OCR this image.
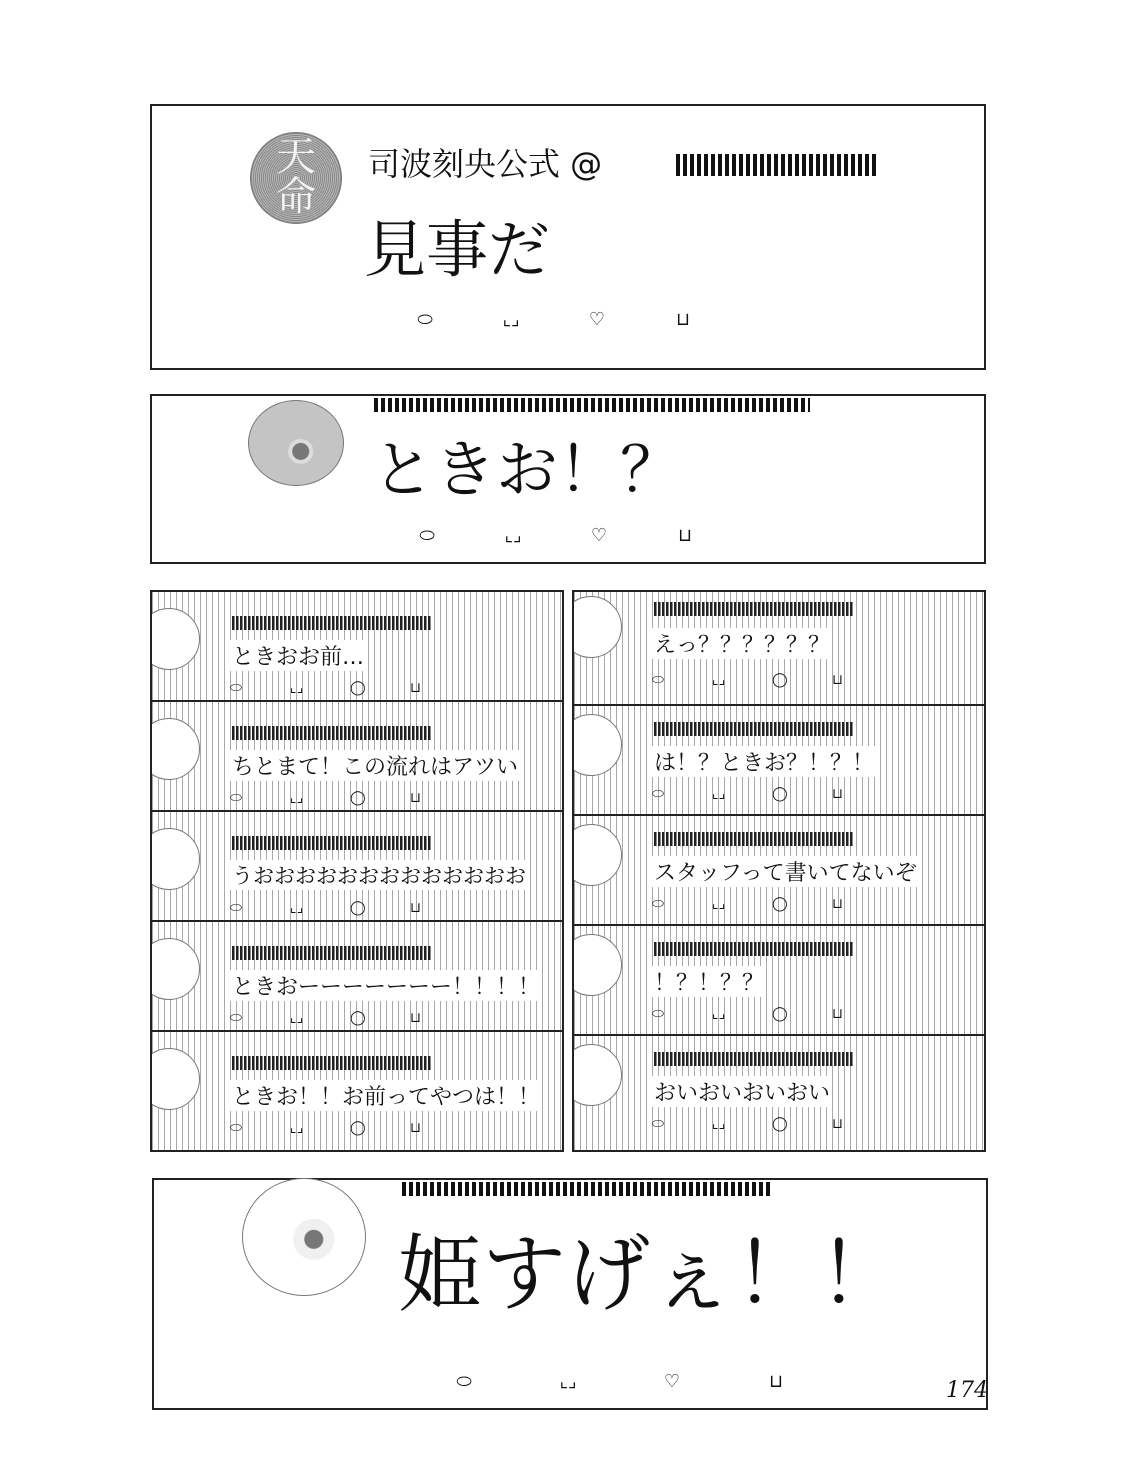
天
命
司波刻央公式 @
見事だ
⬭	⌞⌟	♡	⊔
ときお！？
⬭	⌞⌟	♡	⊔
ときおお前…
⬭	⌞⌟	◯	⊔
ちとまて！この流れはアツい
⬭	⌞⌟	◯	⊔
うおおおおおおおおおおおおお
⬭	⌞⌟	◯	⊔
ときおーーーーーーー！！！！
⬭	⌞⌟	◯	⊔
ときお！！お前ってやつは！！
⬭	⌞⌟	◯	⊔
えっ？？？？？？
⬭	⌞⌟	◯	⊔
は！？ときお？！？！
⬭	⌞⌟	◯	⊔
スタッフって書いてないぞ
⬭	⌞⌟	◯	⊔
！？！？？
⬭	⌞⌟	◯	⊔
おいおいおいおい
⬭	⌞⌟	◯	⊔
姫すげぇ！！
⬭	⌞⌟	♡	⊔	174
